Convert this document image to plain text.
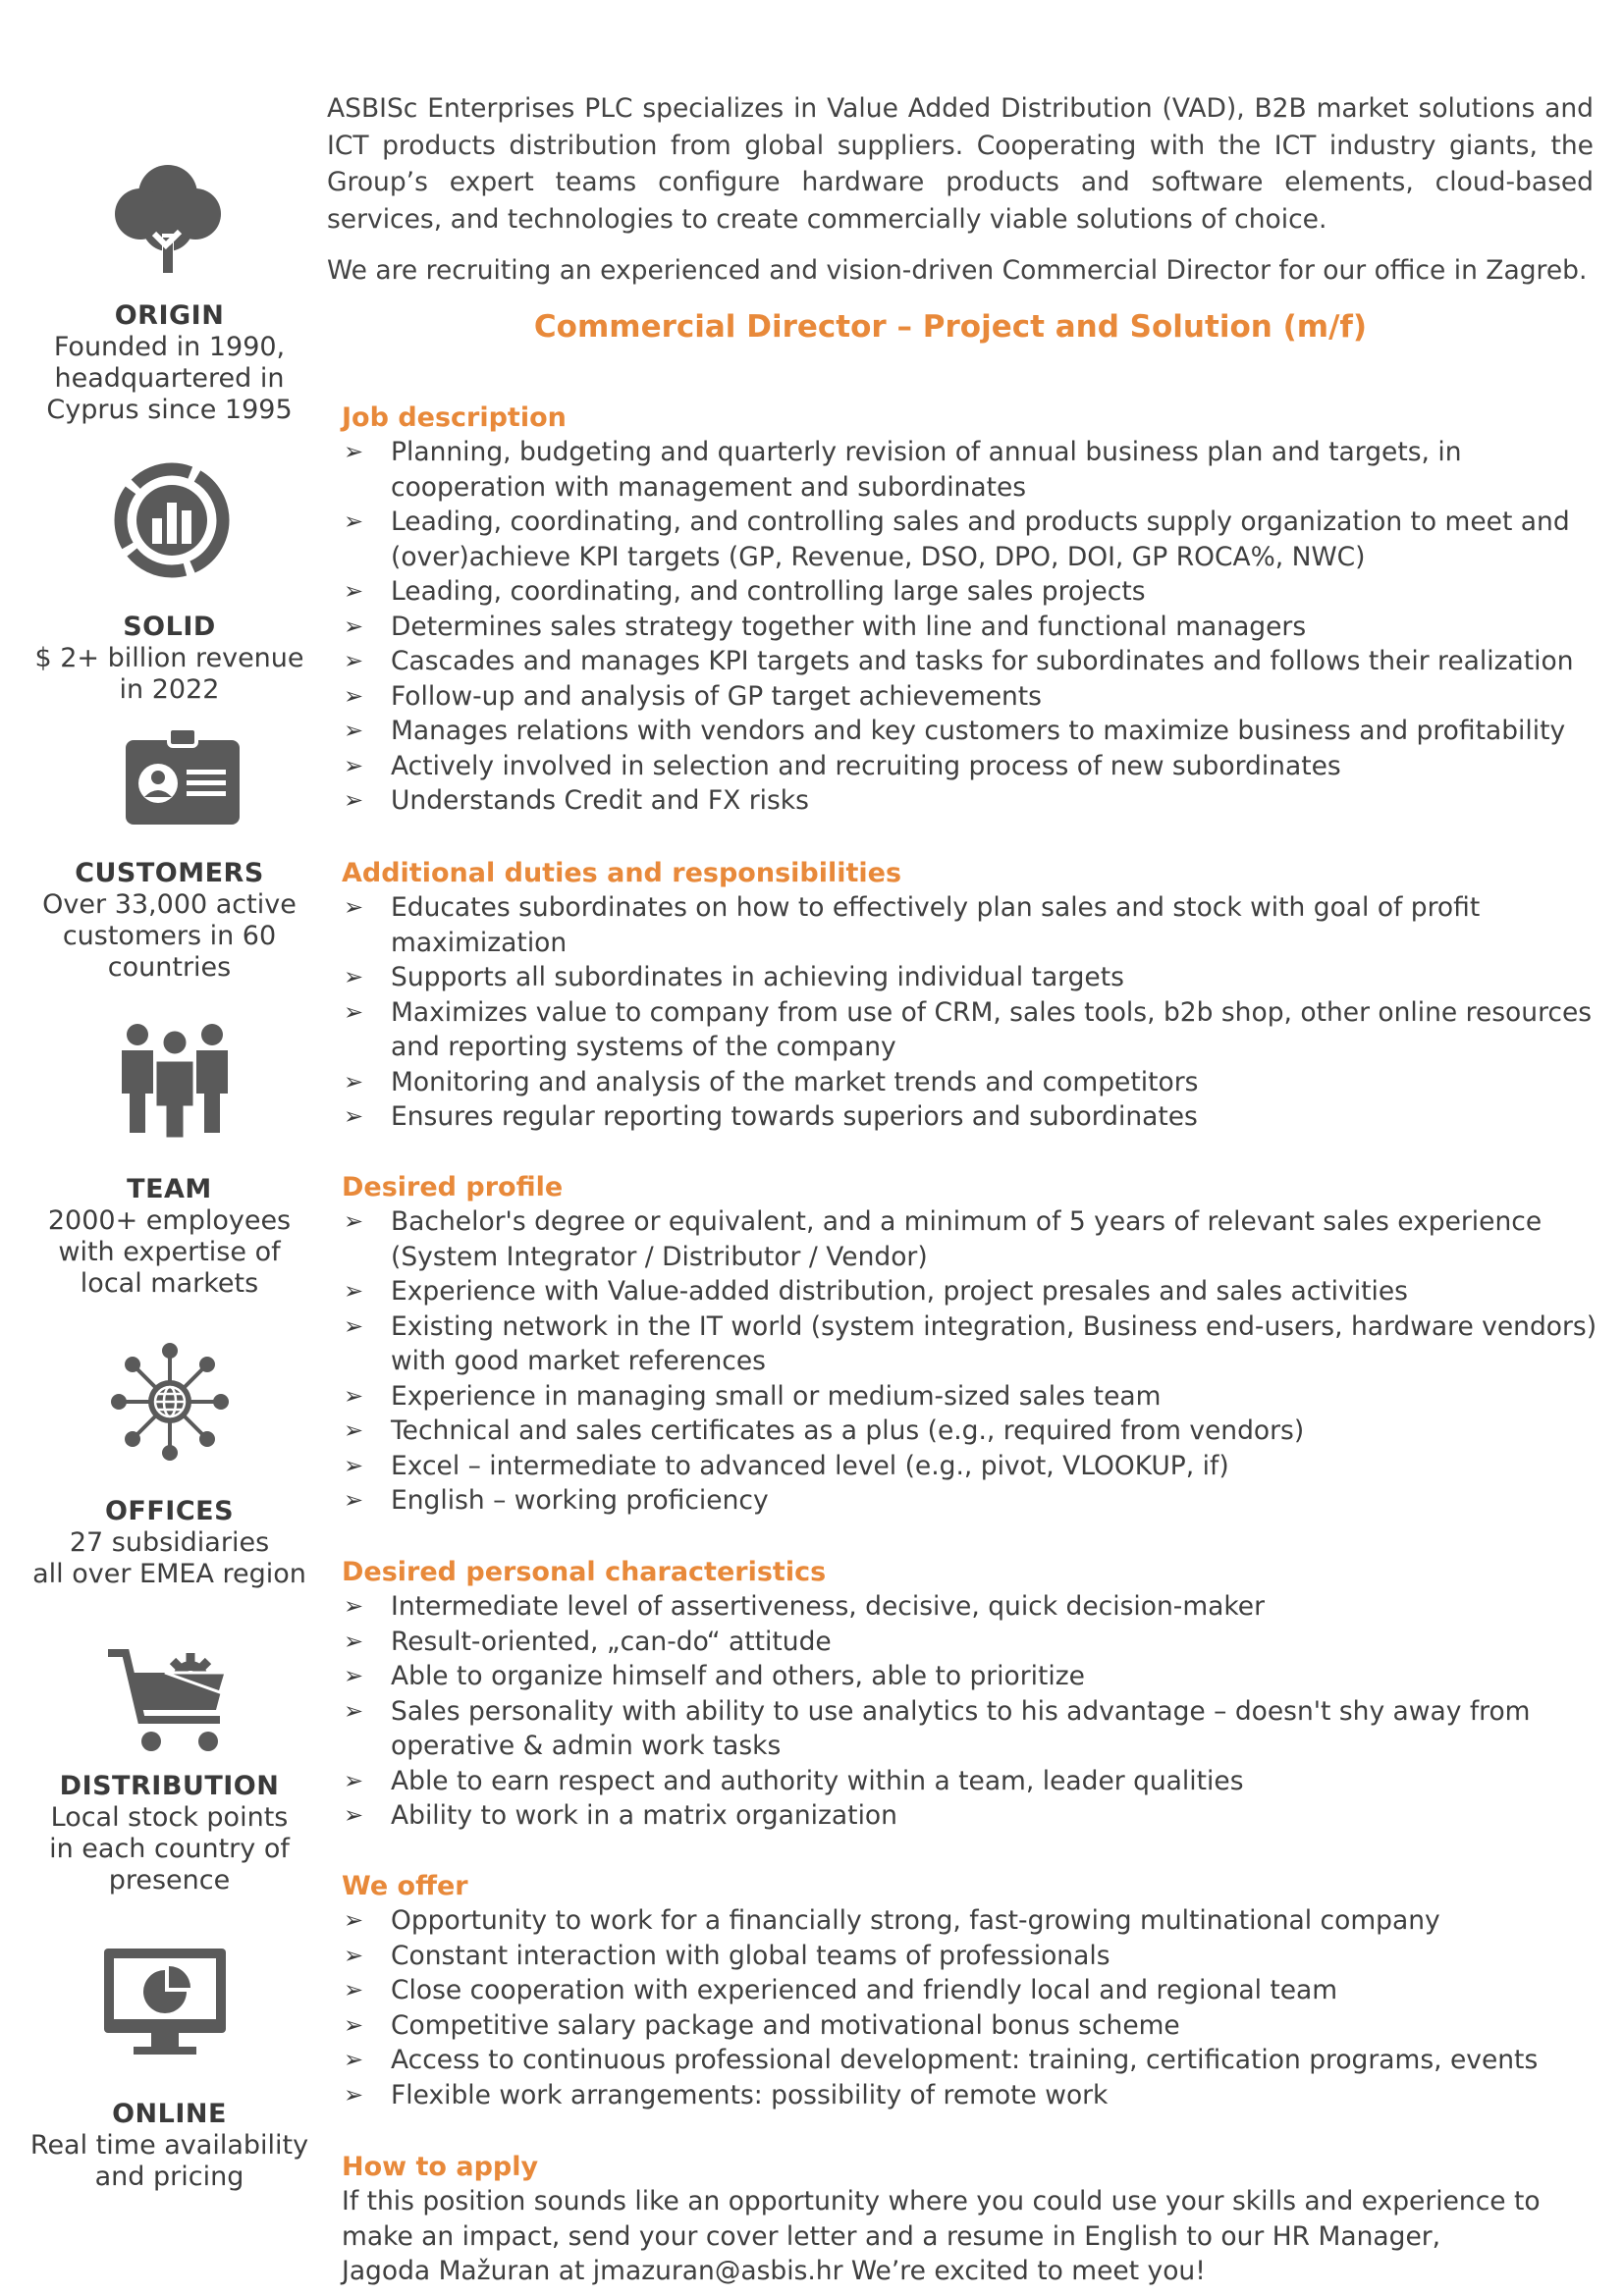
ORIGIN
Founded in 1990,
headquartered in
Cyprus since 1995
SOLID
$ 2+ billion revenue
in 2022
CUSTOMERS
Over 33,000 active
customers in 60
countries
TEAM
2000+ employees
with expertise of
local markets
OFFICES
27 subsidiaries
all over EMEA region
DISTRIBUTION
Local stock points
in each country of
presence
ONLINE
Real time availability
and pricing

ASBISc Enterprises PLC specializes in Value Added Distribution (VAD), B2B market solutions and ICT products distribution from global suppliers. Cooperating with the ICT industry giants, the Group’s expert teams configure hardware products and software elements, cloud-based services, and technologies to create commercially viable solutions of choice.

We are recruiting an experienced and vision-driven Commercial Director for our office in Zagreb.

Commercial Director – Project and Solution (m/f)
Job description
➢ Planning, budgeting and quarterly revision of annual business plan and targets, in cooperation with management and subordinates
➢ Leading, coordinating, and controlling sales and products supply organization to meet and (over)achieve KPI targets (GP, Revenue, DSO, DPO, DOI, GP ROCA%, NWC)
➢ Leading, coordinating, and controlling large sales projects
➢ Determines sales strategy together with line and functional managers
➢ Cascades and manages KPI targets and tasks for subordinates and follows their realization
➢ Follow-up and analysis of GP target achievements
➢ Manages relations with vendors and key customers to maximize business and profitability
➢ Actively involved in selection and recruiting process of new subordinates
➢ Understands Credit and FX risks
Additional duties and responsibilities
➢ Educates subordinates on how to effectively plan sales and stock with goal of profit maximization
➢ Supports all subordinates in achieving individual targets
➢ Maximizes value to company from use of CRM, sales tools, b2b shop, other online resources and reporting systems of the company
➢ Monitoring and analysis of the market trends and competitors
➢ Ensures regular reporting towards superiors and subordinates
Desired profile
➢ Bachelor's degree or equivalent, and a minimum of 5 years of relevant sales experience (System Integrator / Distributor / Vendor)
➢ Experience with Value-added distribution, project presales and sales activities
➢ Existing network in the IT world (system integration, Business end-users, hardware vendors) with good market references
➢ Experience in managing small or medium-sized sales team
➢ Technical and sales certificates as a plus (e.g., required from vendors)
➢ Excel – intermediate to advanced level (e.g., pivot, VLOOKUP, if)
➢ English – working proficiency
Desired personal characteristics
➢ Intermediate level of assertiveness, decisive, quick decision-maker
➢ Result-oriented, „can-do“ attitude
➢ Able to organize himself and others, able to prioritize
➢ Sales personality with ability to use analytics to his advantage – doesn't shy away from operative & admin work tasks
➢ Able to earn respect and authority within a team, leader qualities
➢ Ability to work in a matrix organization
We offer
➢ Opportunity to work for a financially strong, fast-growing multinational company
➢ Constant interaction with global teams of professionals
➢ Close cooperation with experienced and friendly local and regional team
➢ Competitive salary package and motivational bonus scheme
➢ Access to continuous professional development: training, certification programs, events
➢ Flexible work arrangements: possibility of remote work
How to apply

If this position sounds like an opportunity where you could use your skills and experience to

make an impact, send your cover letter and a resume in English to our HR Manager,

Jagoda Mažuran at jmazuran@asbis.hr We’re excited to meet you!
